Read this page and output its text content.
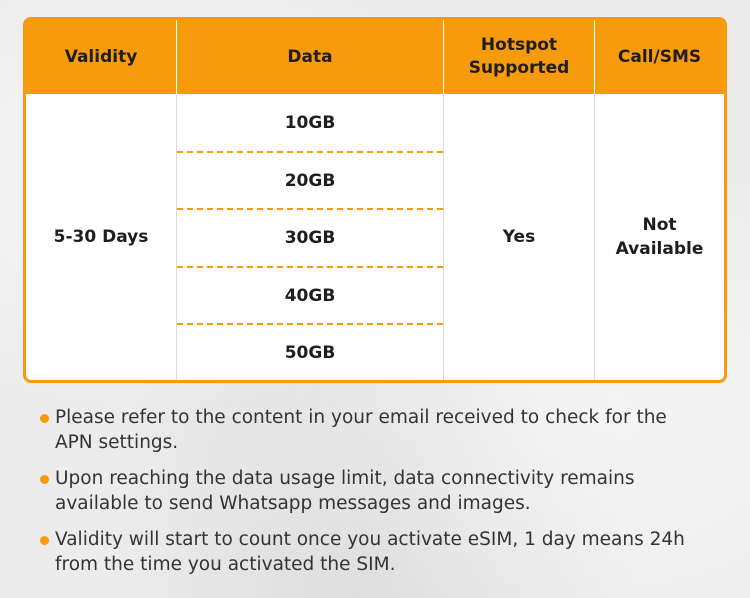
Validity	Data
Hotspot
Supported
Call/SMS
5-30 Days
10GB
20GB
30GB
40GB
50GB
Yes
Not
Available
Please refer to the content in your email received to check for the
APN settings.
Upon reaching the data usage limit, data connectivity remains
available to send Whatsapp messages and images.
Validity will start to count once you activate eSIM, 1 day means 24h
from the time you activated the SIM.
